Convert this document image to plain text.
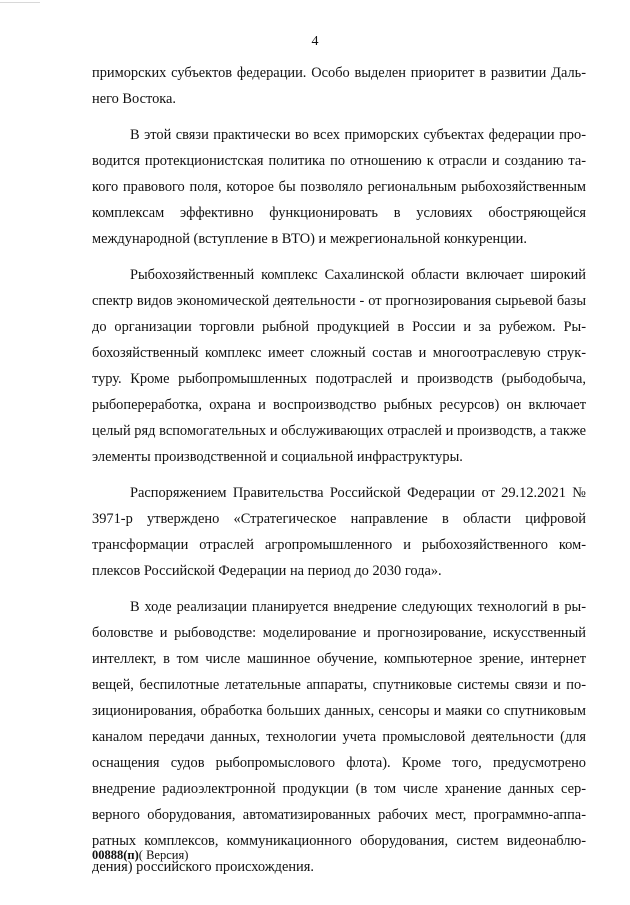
4

приморских субъектов федерации. Особо выделен приоритет в развитии Дальнего Востока.

В этой связи практически во всех приморских субъектах федерации проводится протекционистская политика по отношению к отрасли и созданию такого правового поля, которое бы позволяло региональным рыбохозяйственным комплексам эффективно функционировать в условиях обостряющейся международной (вступление в ВТО) и межрегиональной конкуренции.

Рыбохозяйственный комплекс Сахалинской области включает широкий спектр видов экономической деятельности - от прогнозирования сырьевой базы до организации торговли рыбной продукцией в России и за рубежом. Рыбохозяйственный комплекс имеет сложный состав и многоотраслевую структуру. Кроме рыбопромышленных подотраслей и производств (рыбодобыча, рыбопереработка, охрана и воспроизводство рыбных ресурсов) он включает целый ряд вспомогательных и обслуживающих отраслей и производств, а также элементы производственной и социальной инфраструктуры.

Распоряжением Правительства Российской Федерации от 29.12.2021 № 3971-р утверждено «Стратегическое направление в области цифровой трансформации отраслей агропромышленного и рыбохозяйственного комплексов Российской Федерации на период до 2030 года».

В ходе реализации планируется внедрение следующих технологий в рыболовстве и рыбоводстве: моделирование и прогнозирование, искусственный интеллект, в том числе машинное обучение, компьютерное зрение, интернет вещей, беспилотные летательные аппараты, спутниковые системы связи и позиционирования, обработка больших данных, сенсоры и маяки со спутниковым каналом передачи данных, технологии учета промысловой деятельности (для оснащения судов рыбопромыслового флота). Кроме того, предусмотрено внедрение радиоэлектронной продукции (в том числе хранение данных серверного оборудования, автоматизированных рабочих мест, программно-аппаратных комплексов, коммуникационного оборудования, систем видеонаблюдения) российского происхождения.

00888(п)( Версия)
